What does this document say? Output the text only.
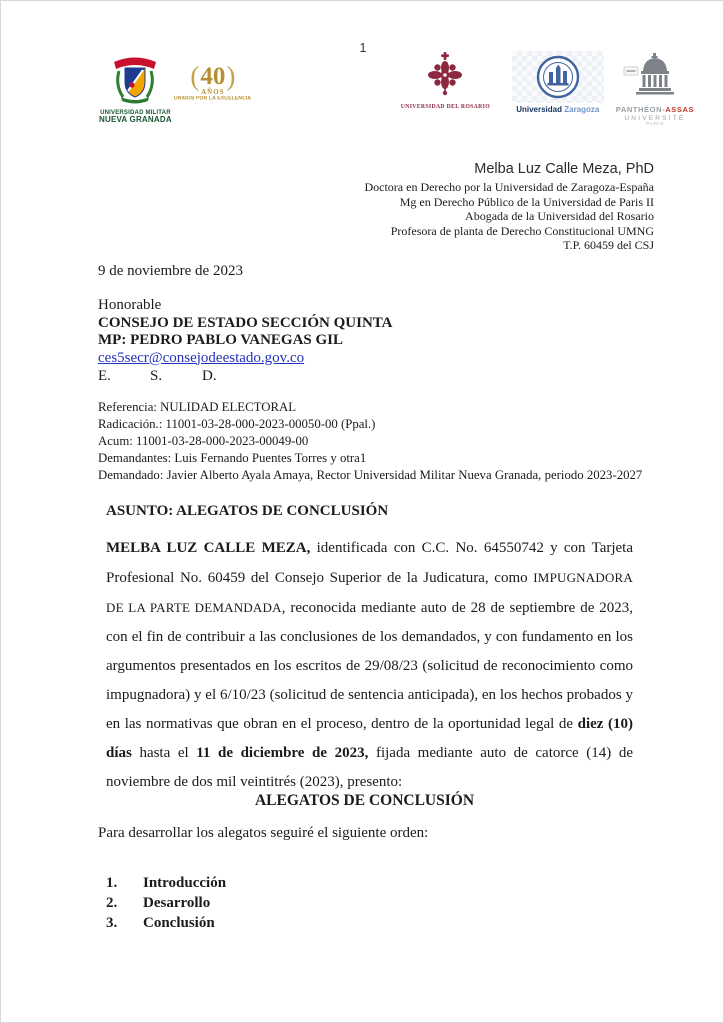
1
UNIVERSIDAD MILITAR
NUEVA GRANADA
( 40 )
AÑOS
UNIDOS POR LA EXCELENCIA
UNIVERSIDAD DEL ROSARIO	Universidad Zaragoza PANTHÉON-ASSAS
UNIVERSITÉ
PARIS
Melba Luz Calle Meza, PhD
Doctora en Derecho por la Universidad de Zaragoza-España
Mg en Derecho Público de la Universidad de Paris II
Abogada de la Universidad del Rosario
Profesora de planta de Derecho Constitucional UMNG
T.P. 60459 del CSJ
9 de noviembre de 2023
Honorable
CONSEJO DE ESTADO SECCIÓN QUINTA
MP: PEDRO PABLO VANEGAS GIL
ces5secr@consejodeestado.gov.co
E.	S.	D.
Referencia: NULIDAD ELECTORAL
Radicación.: 11001-03-28-000-2023-00050-00 (Ppal.)
Acum: 11001-03-28-000-2023-00049-00
Demandantes: Luis Fernando Puentes Torres y otra1
Demandado: Javier Alberto Ayala Amaya, Rector Universidad Militar Nueva Granada, periodo 2023-2027
ASUNTO: ALEGATOS DE CONCLUSIÓN
MELBA LUZ CALLE MEZA, identificada con C.C. No. 64550742 y con Tarjeta Profesional No. 60459 del Consejo Superior de la Judicatura, como IMPUGNADORA DE LA PARTE DEMANDADA, reconocida mediante auto de 28 de septiembre de 2023, con el fin de contribuir a las conclusiones de los demandados, y con fundamento en los argumentos presentados en los escritos de 29/08/23 (solicitud de reconocimiento como impugnadora) y el 6/10/23 (solicitud de sentencia anticipada), en los hechos probados y en las normativas que obran en el proceso, dentro de la oportunidad legal de diez (10) días hasta el 11 de diciembre de 2023, fijada mediante auto de catorce (14) de noviembre de dos mil veintitrés (2023), presento:
ALEGATOS DE CONCLUSIÓN
Para desarrollar los alegatos seguiré el siguiente orden:
1.	Introducción
2.	Desarrollo
3.	Conclusión
